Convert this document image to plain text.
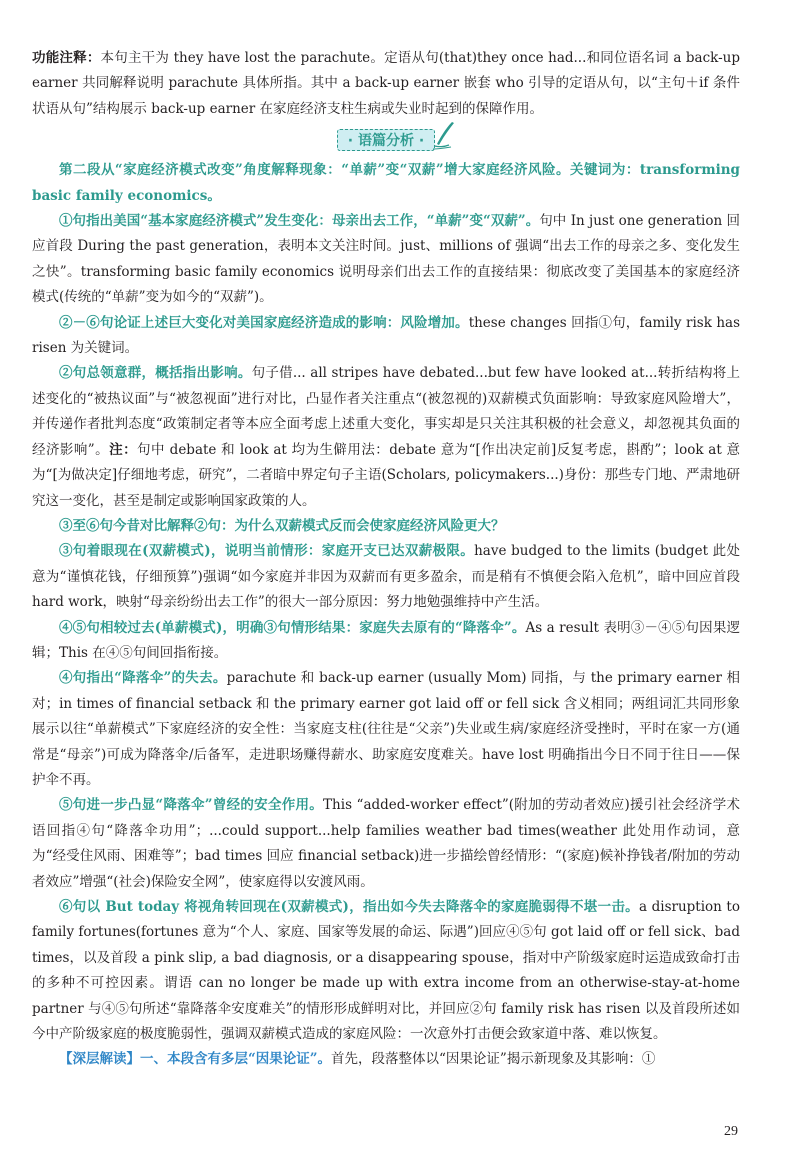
功能注释：本句主干为 they have lost the parachute。定语从句(that)they once had...和同位语名词 a back-up earner 共同解释说明 parachute 具体所指。其中 a back-up earner 嵌套 who 引导的定语从句，以“主句＋if 条件状语从句”结构展示 back-up earner 在家庭经济支柱生病或失业时起到的保障作用。

· 语篇分析 ·

第二段从“家庭经济模式改变”角度解释现象：“单薪”变“双薪”增大家庭经济风险。关键词为：transforming basic family economics。

①句指出美国“基本家庭经济模式”发生变化：母亲出去工作，“单薪”变“双薪”。句中 In just one generation 回应首段 During the past generation，表明本文关注时间。just、millions of 强调“出去工作的母亲之多、变化发生之快”。transforming basic family economics 说明母亲们出去工作的直接结果：彻底改变了美国基本的家庭经济模式(传统的“单薪”变为如今的“双薪”)。

②－⑥句论证上述巨大变化对美国家庭经济造成的影响：风险增加。these changes 回指①句，family risk has risen 为关键词。

②句总领意群，概括指出影响。句子借... all stripes have debated...but few have looked at...转折结构将上述变化的“被热议面”与“被忽视面”进行对比，凸显作者关注重点“(被忽视的)双薪模式负面影响：导致家庭风险增大”，并传递作者批判态度“政策制定者等本应全面考虑上述重大变化，事实却是只关注其积极的社会意义，却忽视其负面的经济影响”。注：句中 debate 和 look at 均为生僻用法：debate 意为“[作出决定前]反复考虑，斟酌”；look at 意为“[为做决定]仔细地考虑，研究”，二者暗中界定句子主语(Scholars, policymakers...)身份：那些专门地、严肃地研究这一变化，甚至是制定或影响国家政策的人。

③至⑥句今昔对比解释②句：为什么双薪模式反而会使家庭经济风险更大？

③句着眼现在(双薪模式)，说明当前情形：家庭开支已达双薪极限。have budged to the limits (budget 此处意为“谨慎花钱，仔细预算”)强调“如今家庭并非因为双薪而有更多盈余，而是稍有不慎便会陷入危机”，暗中回应首段 hard work，映射“母亲纷纷出去工作”的很大一部分原因：努力地勉强维持中产生活。

④⑤句相较过去(单薪模式)，明确③句情形结果：家庭失去原有的“降落伞”。As a result 表明③－④⑤句因果逻辑；This 在④⑤句间回指衔接。

④句指出“降落伞”的失去。parachute 和 back-up earner (usually Mom) 同指，与 the primary earner 相对；in times of financial setback 和 the primary earner got laid off or fell sick 含义相同；两组词汇共同形象展示以往“单薪模式”下家庭经济的安全性：当家庭支柱(往往是“父亲”)失业或生病/家庭经济受挫时，平时在家一方(通常是“母亲”)可成为降落伞/后备军，走进职场赚得薪水、助家庭安度难关。have lost 明确指出今日不同于往日——保护伞不再。

⑤句进一步凸显“降落伞”曾经的安全作用。This “added-worker effect”(附加的劳动者效应)援引社会经济学术语回指④句“降落伞功用”；...could support...help families weather bad times(weather 此处用作动词，意为“经受住风雨、困难等”；bad times 回应 financial setback)进一步描绘曾经情形：“(家庭)候补挣钱者/附加的劳动者效应”增强“(社会)保险安全网”，使家庭得以安渡风雨。

⑥句以 But today 将视角转回现在(双薪模式)，指出如今失去降落伞的家庭脆弱得不堪一击。a disruption to family fortunes(fortunes 意为“个人、家庭、国家等发展的命运、际遇”)回应④⑤句 got laid off or fell sick、bad times，以及首段 a pink slip, a bad diagnosis, or a disappearing spouse，指对中产阶级家庭时运造成致命打击的多种不可控因素。谓语 can no longer be made up with extra income from an otherwise-stay-at-home partner 与④⑤句所述“靠降落伞安度难关”的情形形成鲜明对比，并回应②句 family risk has risen 以及首段所述如今中产阶级家庭的极度脆弱性，强调双薪模式造成的家庭风险：一次意外打击便会致家道中落、难以恢复。

【深层解读】一、本段含有多层“因果论证”。首先，段落整体以“因果论证”揭示新现象及其影响：①

29
